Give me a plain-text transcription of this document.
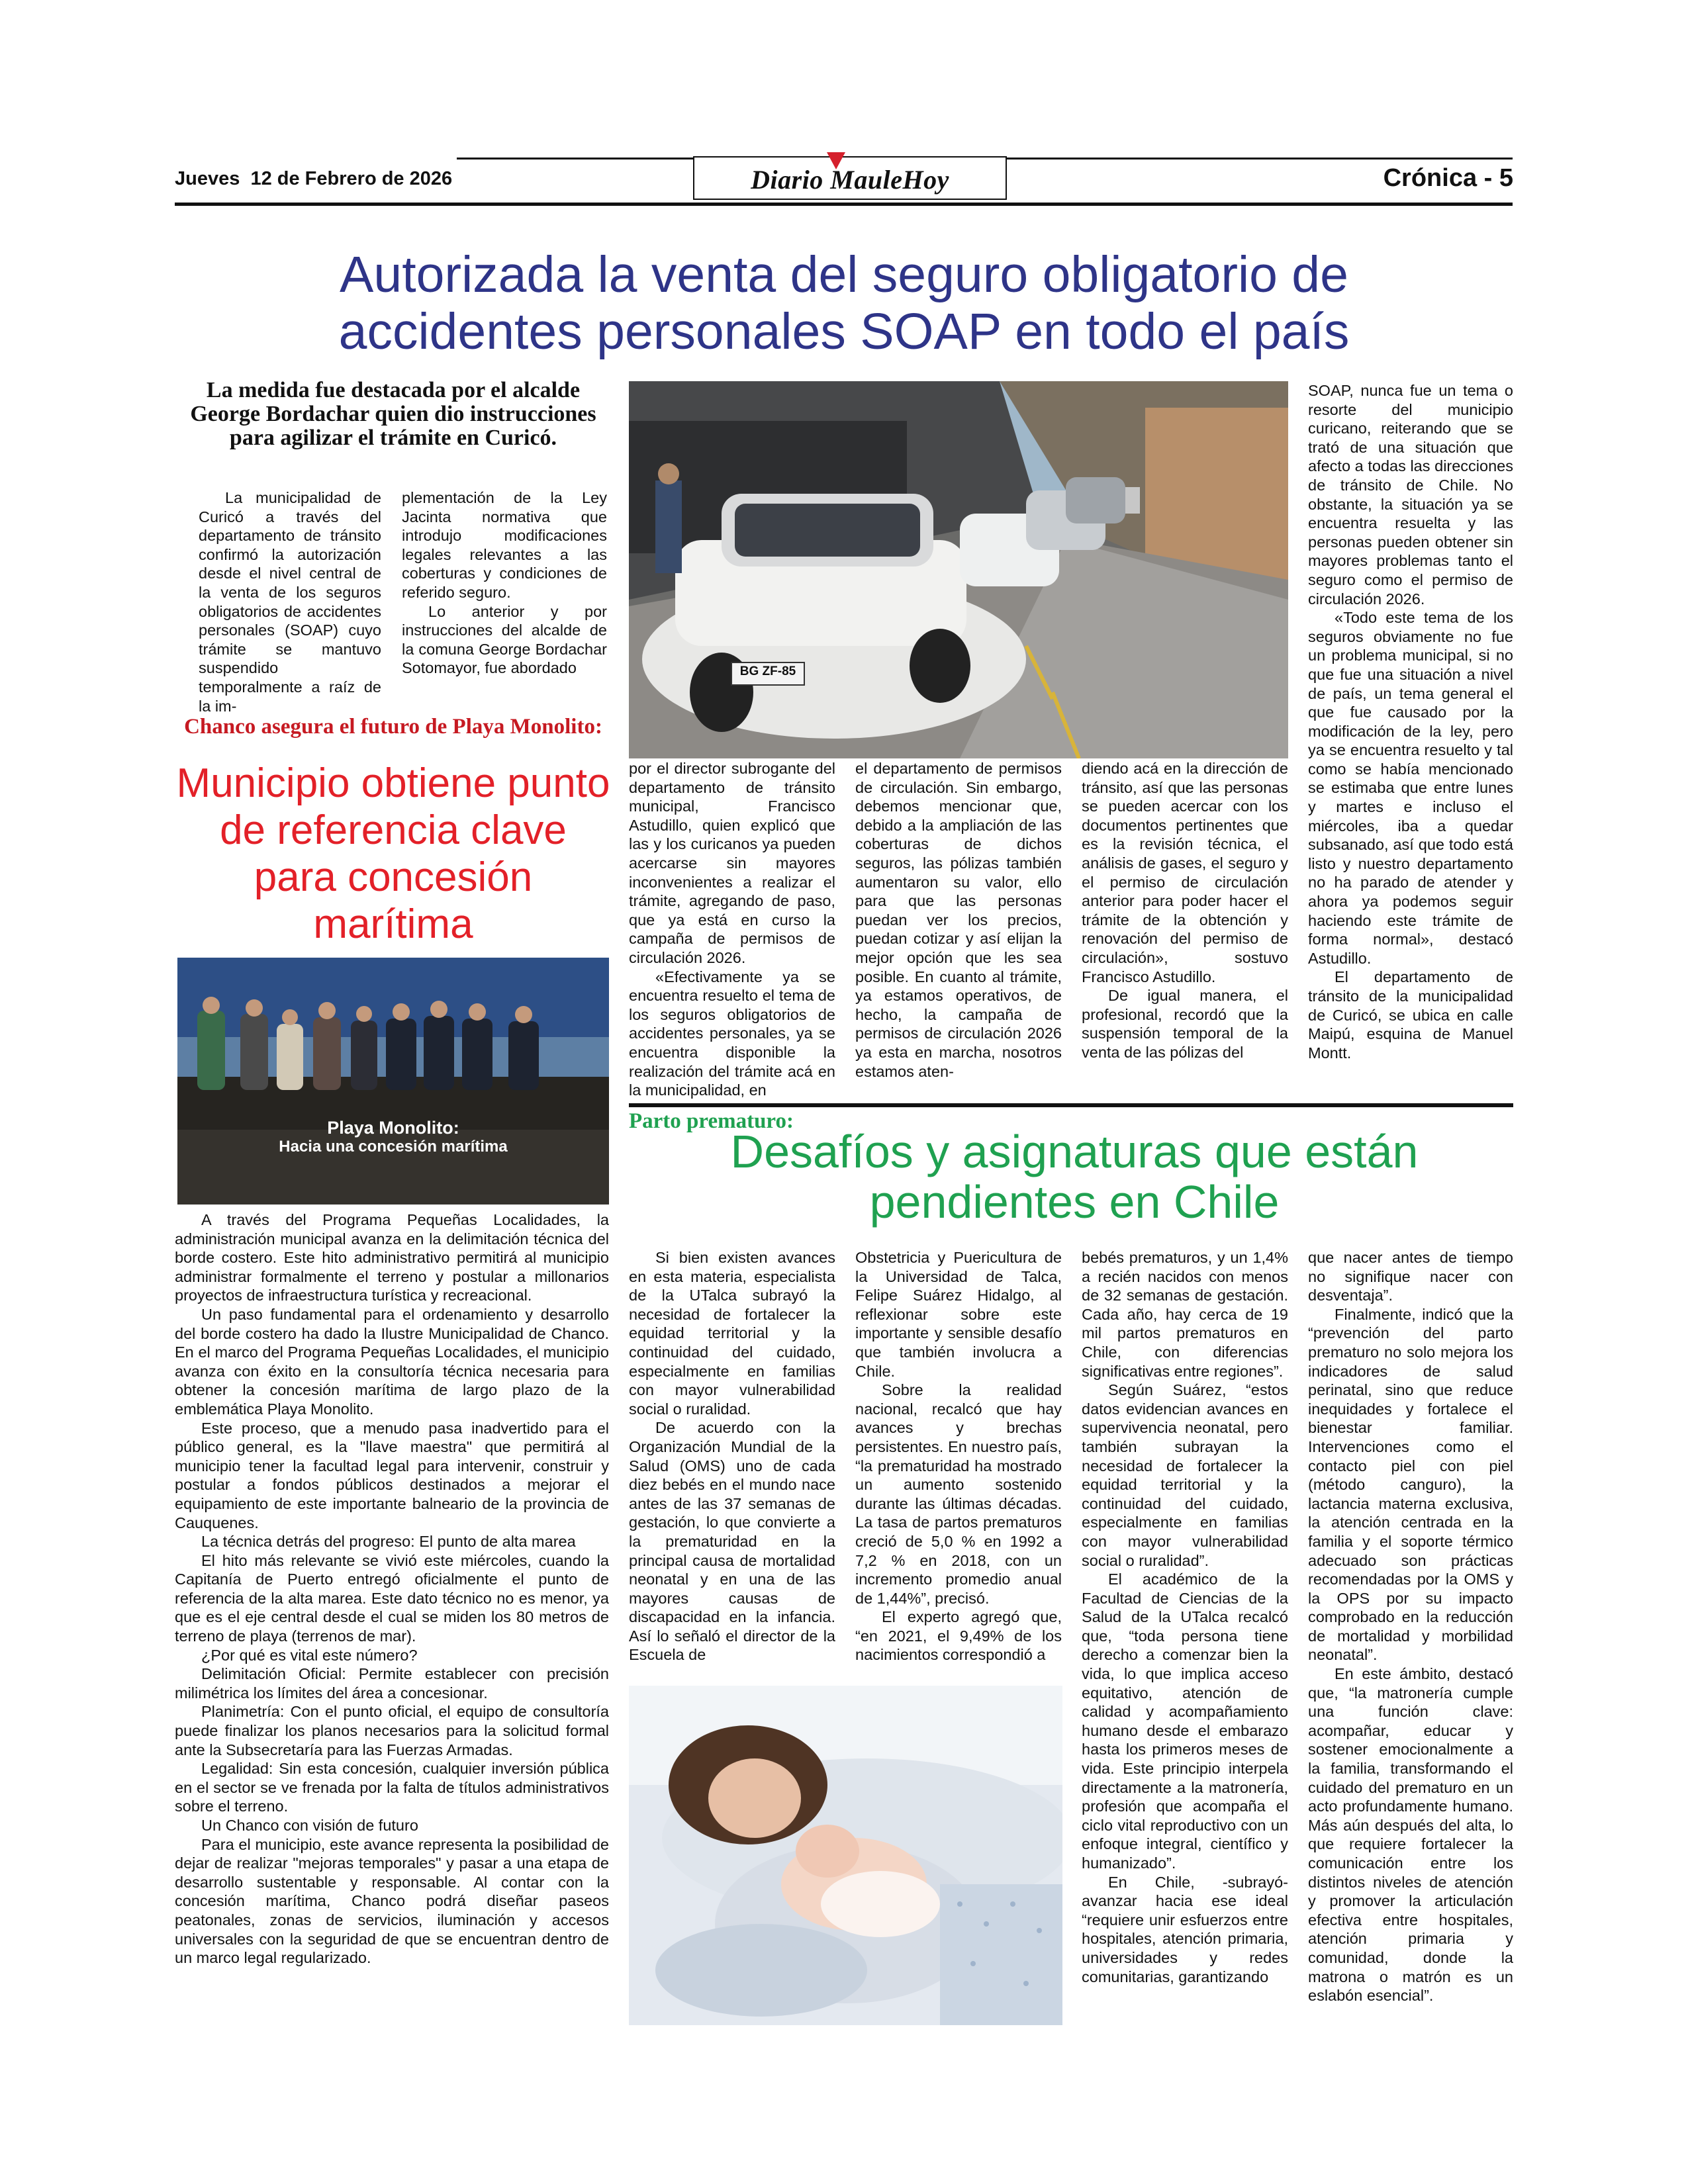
Jueves  12 de Febrero de 2026	Diario MauleHoy	Crónica - 5
Autorizada la venta del seguro obligatorio de accidentes personales SOAP en todo el país
La medida fue destacada por el alcalde George Bordachar quien dio instrucciones para agilizar el trámite en Curicó.

La municipalidad de Curicó a través del departamento de tránsito confirmó la autorización desde el nivel central de la venta de los seguros obligatorios de accidentes personales (SOAP) cuyo trámite se mantuvo suspendido temporalmente a raíz de la im-

plementación de la Ley Jacinta normativa que introdujo modificaciones legales relevantes a las coberturas y condiciones de referido seguro.

Lo anterior y por instrucciones del alcalde de la comuna George Bordachar Sotomayor, fue abordado	BG ZF-85

por el director subrogante del departamento de tránsito municipal, Francisco Astudillo, quien explicó que las y los curicanos ya pueden acercarse sin mayores inconvenientes a realizar el trámite, agregando de paso, que ya está en curso la campaña de permisos de circulación 2026.

«Efectivamente ya se encuentra resuelto el tema de los seguros obligatorios de accidentes personales, ya se encuentra disponible la realización del trámite acá en la municipalidad, en

el departamento de permisos de circulación. Sin embargo, debemos mencionar que, debido a la ampliación de las coberturas de dichos seguros, las pólizas también aumentaron su valor, ello para que las personas puedan ver los precios, puedan cotizar y así elijan la mejor opción que les sea posible. En cuanto al trámite, ya estamos operativos, de hecho, la campaña de permisos de circulación 2026 ya esta en marcha, nosotros estamos aten-

diendo acá en la dirección de tránsito, así que las personas se pueden acercar con los documentos pertinentes que es la revisión técnica, el análisis de gases, el seguro y el permiso de circulación anterior para poder hacer el trámite de la obtención y renovación del permiso de circulación», sostuvo Francisco Astudillo.

De igual manera, el profesional, recordó que la suspensión temporal de la venta de las pólizas del

SOAP, nunca fue un tema o resorte del municipio curicano, reiterando que se trató de una situación que afecto a todas las direcciones de tránsito de Chile. No obstante, la situación ya se encuentra resuelta y las personas pueden obtener sin mayores problemas tanto el seguro como el permiso de circulación 2026.

«Todo este tema de los seguros obviamente no fue un problema municipal, si no que fue una situación a nivel de país, un tema general el que fue causado por la modificación de la ley, pero ya se encuentra resuelto y tal como se había mencionado se estimaba que entre lunes y martes e incluso el miércoles, iba a quedar subsanado, así que todo está listo y nuestro departamento no ha parado de atender y ahora ya podemos seguir haciendo este trámite de forma normal», destacó Astudillo.

El departamento de tránsito de la municipalidad de Curicó, se ubica en calle Maipú, esquina de Manuel Montt.

Chanco asegura el futuro de Playa Monolito:
Municipio obtiene punto de referencia clave para concesión marítima
Playa Monolito:
Hacia una concesión marítima

A través del Programa Pequeñas Localidades, la administración municipal avanza en la delimitación técnica del borde costero. Este hito administrativo permitirá al municipio administrar formalmente el terreno y postular a millonarios proyectos de infraestructura turística y recreacional.

Un paso fundamental para el ordenamiento y desarrollo del borde costero ha dado la Ilustre Municipalidad de Chanco. En el marco del Programa Pequeñas Localidades, el municipio avanza con éxito en la consultoría técnica necesaria para obtener la concesión marítima de largo plazo de la emblemática Playa Monolito.

Este proceso, que a menudo pasa inadvertido para el público general, es la "llave maestra" que permitirá al municipio tener la facultad legal para intervenir, construir y postular a fondos públicos destinados a mejorar el equipamiento de este importante balneario de la provincia de Cauquenes.

La técnica detrás del progreso: El punto de alta marea

El hito más relevante se vivió este miércoles, cuando la Capitanía de Puerto entregó oficialmente el punto de referencia de la alta marea. Este dato técnico no es menor, ya que es el eje central desde el cual se miden los 80 metros de terreno de playa (terrenos de mar).

¿Por qué es vital este número?

Delimitación Oficial: Permite establecer con precisión milimétrica los límites del área a concesionar.

Planimetría: Con el punto oficial, el equipo de consultoría puede finalizar los planos necesarios para la solicitud formal ante la Subsecretaría para las Fuerzas Armadas.

Legalidad: Sin esta concesión, cualquier inversión pública en el sector se ve frenada por la falta de títulos administrativos sobre el terreno.

Un Chanco con visión de futuro

Para el municipio, este avance representa la posibilidad de dejar de realizar "mejoras temporales" y pasar a una etapa de desarrollo sustentable y responsable. Al contar con la concesión marítima, Chanco podrá diseñar paseos peatonales, zonas de servicios, iluminación y accesos universales con la seguridad de que se encuentran dentro de un marco legal regularizado.

Parto prematuro:
Desafíos y asignaturas que están pendientes en Chile

Si bien existen avances en esta materia, especialista de la UTalca subrayó la necesidad de fortalecer la equidad territorial y la continuidad del cuidado, especialmente en familias con mayor vulnerabilidad social o ruralidad.

De acuerdo con la Organización Mundial de la Salud (OMS) uno de cada diez bebés en el mundo nace antes de las 37 semanas de gestación, lo que convierte a la prematuridad en la principal causa de mortalidad neonatal y en una de las mayores causas de discapacidad en la infancia. Así lo señaló el director de la Escuela de

Obstetricia y Puericultura de la Universidad de Talca, Felipe Suárez Hidalgo, al reflexionar sobre este importante y sensible desafío que también involucra a Chile.

Sobre la realidad nacional, recalcó que hay avances y brechas persistentes. En nuestro país, “la prematuridad ha mostrado un aumento sostenido durante las últimas décadas. La tasa de partos prematuros creció de 5,0 % en 1992 a 7,2 % en 2018, con un incremento promedio anual de 1,44%”, precisó.

El experto agregó que, “en 2021, el 9,49% de los nacimientos correspondió a

bebés prematuros, y un 1,4% a recién nacidos con menos de 32 semanas de gestación. Cada año, hay cerca de 19 mil partos prematuros en Chile, con diferencias significativas entre regiones”.

Según Suárez, “estos datos evidencian avances en supervivencia neonatal, pero también subrayan la necesidad de fortalecer la equidad territorial y la continuidad del cuidado, especialmente en familias con mayor vulnerabilidad social o ruralidad”.

El académico de la Facultad de Ciencias de la Salud de la UTalca recalcó que, “toda persona tiene derecho a comenzar bien la vida, lo que implica acceso equitativo, atención de calidad y acompañamiento humano desde el embarazo hasta los primeros meses de vida. Este principio interpela directamente a la matronería, profesión que acompaña el ciclo vital reproductivo con un enfoque integral, científico y humanizado”.

En Chile, -subrayó- avanzar hacia ese ideal “requiere unir esfuerzos entre hospitales, atención primaria, universidades y redes comunitarias, garantizando

que nacer antes de tiempo no signifique nacer con desventaja”.

Finalmente, indicó que la “prevención del parto prematuro no solo mejora los indicadores de salud perinatal, sino que reduce inequidades y fortalece el bienestar familiar. Intervenciones como el contacto piel con piel (método canguro), la lactancia materna exclusiva, la atención centrada en la familia y el soporte térmico adecuado son prácticas recomendadas por la OMS y la OPS por su impacto comprobado en la reducción de mortalidad y morbilidad neonatal”.

En este ámbito, destacó que, “la matronería cumple una función clave: acompañar, educar y sostener emocionalmente a la familia, transformando el cuidado del prematuro en un acto profundamente humano. Más aún después del alta, lo que requiere fortalecer la comunicación entre los distintos niveles de atención y promover la articulación efectiva entre hospitales, atención primaria y comunidad, donde la matrona o matrón es un eslabón esencial”.
